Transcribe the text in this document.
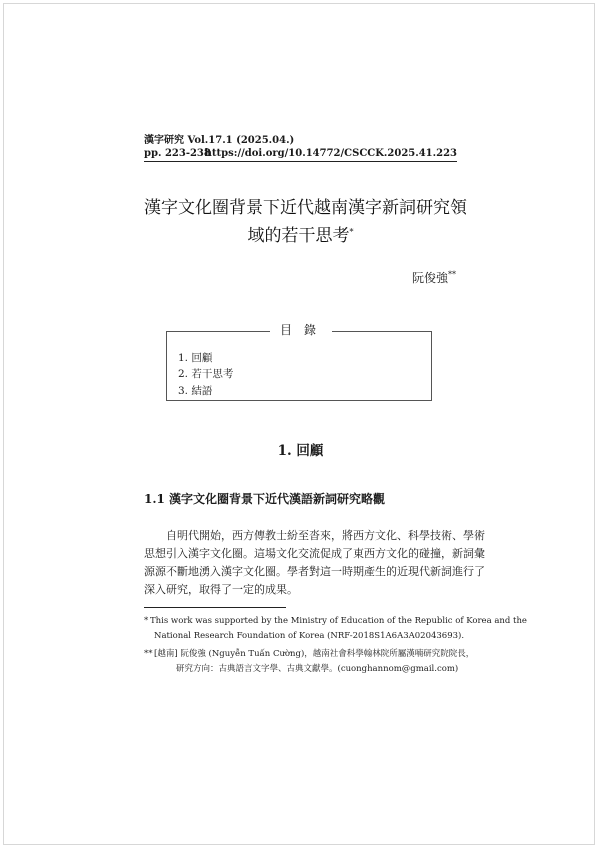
漢字研究 Vol.17.1 (2025.04.)
pp. 223-238
https://doi.org/10.14772/CSCCK.2025.41.223
漢字文化圈背景下近代越南漢字新詞研究領
域的若干思考*
阮俊強**
目錄
1. 回顧
2. 若干思考
3. 結語
1. 回顧
1.1 漢字文化圈背景下近代漢語新詞研究略觀
自明代開始，西方傳教士紛至沓來，將西方文化、科學技術、學術
思想引入漢字文化圈。這場文化交流促成了東西方文化的碰撞，新詞彙
源源不斷地湧入漢字文化圈。學者對這一時期產生的近現代新詞進行了
深入研究，取得了一定的成果。
* This work was supported by the Ministry of Education of the Republic of Korea and the
National Research Foundation of Korea (NRF-2018S1A6A3A02043693).
** [越南] 阮俊強 (Nguyễn Tuấn Cường)，越南社會科學翰林院所屬漢喃研究院院長，
研究方向：古典語言文字學、古典文獻學。(cuonghannom@gmail.com)
